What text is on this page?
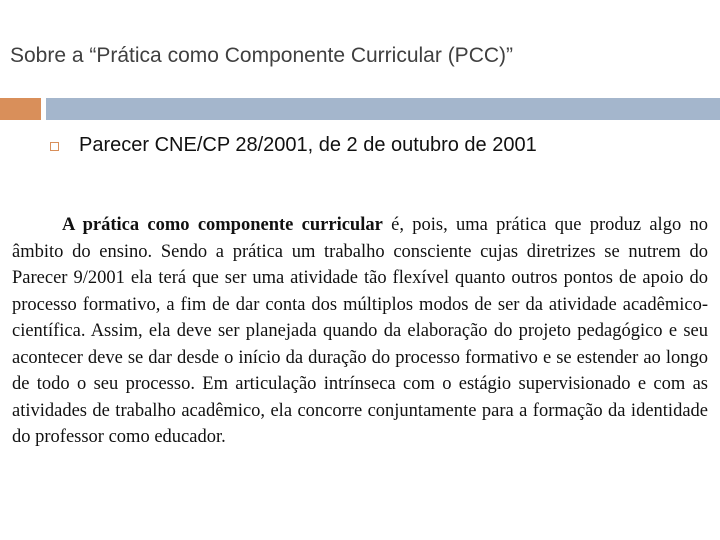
Sobre a “Prática como Componente Curricular (PCC)”
Parecer CNE/CP 28/2001, de 2 de outubro de 2001
A prática como componente curricular é, pois, uma prática que produz algo no
âmbito do ensino. Sendo a prática um trabalho consciente cujas diretrizes se nutrem do
Parecer 9/2001 ela terá que ser uma atividade tão flexível quanto outros pontos de apoio do
processo formativo, a fim de dar conta dos múltiplos modos de ser da atividade acadêmico-
científica. Assim, ela deve ser planejada quando da elaboração do projeto pedagógico e seu
acontecer deve se dar desde o início da duração do processo formativo e se estender ao longo
de todo o seu processo. Em articulação intrínseca com o estágio supervisionado e com as
atividades de trabalho acadêmico, ela concorre conjuntamente para a formação da identidade
do professor como educador.
